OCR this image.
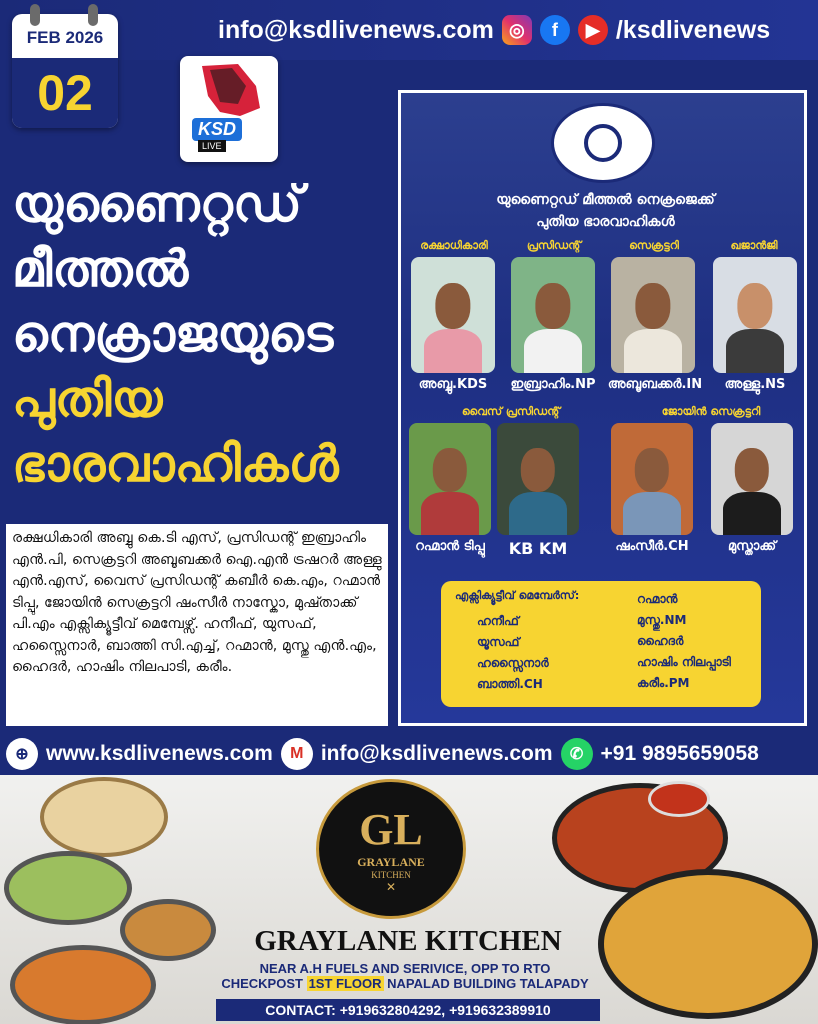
FEB 2026
02
info@ksdlivenews.com ◎	f	▶ /ksdlivenews
KSD
LIVE
യുണൈറ്റഡ്
മീത്തൽ
നെക്രാജയുടെ
പുതിയ
ഭാരവാഹികൾ

രക്ഷധികാരി അബ്ബു കെ.ടി എസ്, പ്രസിഡന്റ് ഇബ്രാഹിം എൻ.പി, സെക്രട്ടറി അബൂബക്കർ ഐ.എൻ ട്രഷറർ അള്ളു എൻ.എസ്, വൈസ് പ്രസിഡന്റ് കബീർ കെ.എം, റഹ്മാൻ ടിപ്പു, ജോയിൻ സെക്രട്ടറി ഷംസീർ നാസ്കോ, മുഷ്താക്ക് പി.എം എക്സിക്യൂട്ടീവ് മെമ്പേഴ്സ്. ഹനീഫ്, യുസഫ്, ഹസ്സൈനാർ, ബാത്തി സി.എച്ച്, റഹ്മാൻ, മുസ്തു എൻ.എം, ഹൈദർ, ഹാഷിം നിലപാടി, കരീം.

യുണൈറ്റഡ് മീത്തൽ നെക്രജെക്ക്
പുതിയ ഭാരവാഹികൾ
രക്ഷാധികാരി	പ്രസിഡന്റ്	സെക്രട്ടറി	ഖജാൻജി
അബ്ബു.KDS	ഇബ്രാഹിം.NP അബൂബക്കർ.IN	അള്ളു.NS
വൈസ് പ്രസിഡന്റ്	ജോയിൻ സെക്രട്ടറി
റഹ്മാൻ ടിപ്പു	KB KM	ഷംസീർ.CH	മുസ്താക്ക്
എക്സിക്യൂട്ടീവ് മെമ്പേർസ്:
ഹനീഫ്
യൂസഫ്
ഹസ്സൈനാർ
ബാത്തി.CH
റഹ്മാൻ
മുസ്തു.NM
ഹൈദർ
ഹാഷിം നിലപ്പാടി
കരീം.PM
⊕ www.ksdlivenews.com	M info@ksdlivenews.com	✆ +91 9895659058
GL
GRAYLANE
KITCHEN
✕
GRAYLANE KITCHEN
NEAR A.H FUELS AND SERIVICE, OPP TO RTO
CHECKPOST 1ST FLOOR NAPALAD BUILDING TALAPADY
CONTACT: +919632804292, +919632389910
